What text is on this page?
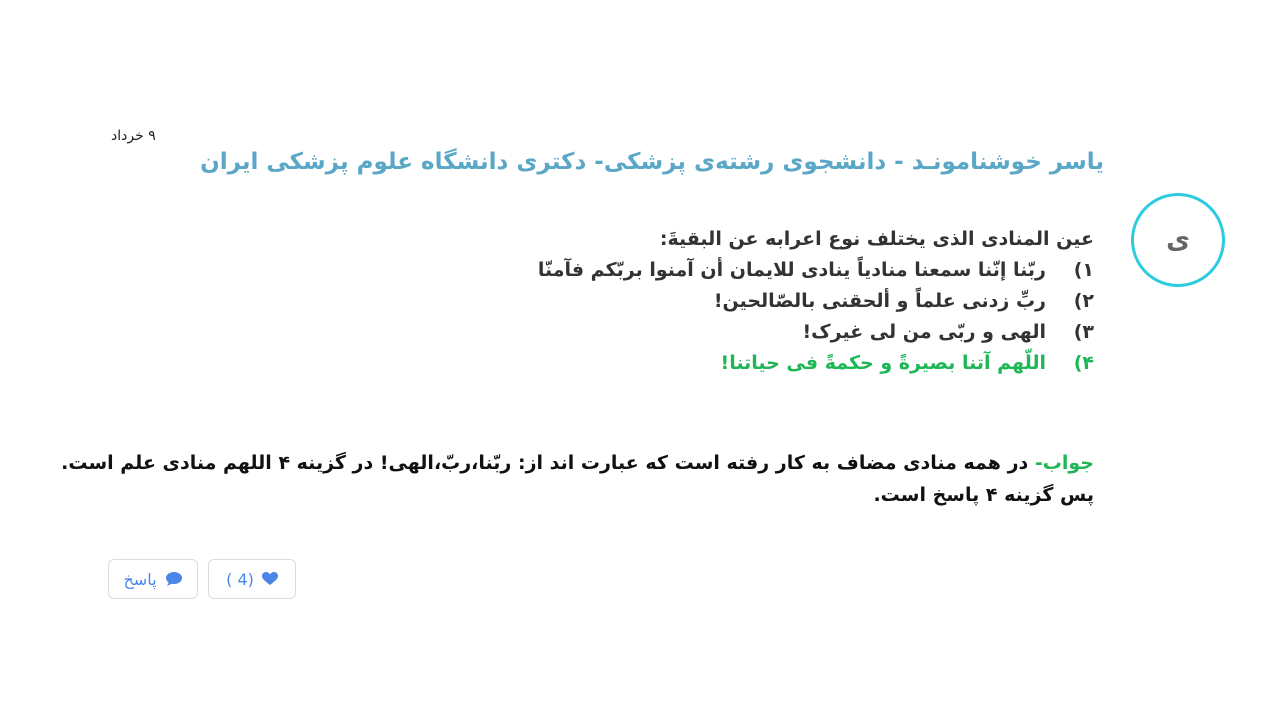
۹ خرداد
یاسر خوشنامونـد - دانشجوی رشته‌ی پزشکی- دکتری دانشگاه علوم پزشکی ایران
ی
عین المنادی الذی یختلف نوع اعرابه عن البقیةَ:
۱)ربّنا إنّنا سمعنا منادیاً ینادی للایمان أن آمنوا بربّکم فآمنّا
۲)ربِّ زدنی علماً و ألحقنی بالصّالحین!
۳)الهی و ربّی من لی غیرک!
۴)اللّهم آتنا بصیرةً و حکمةً فی حیاتنا!
جواب- در همه منادی مضاف به کار رفته است که عبارت اند از: ربّنا،ربّ،الهی! در گزینه ۴ اللهم منادی علم است.
پس گزینه ۴ پاسخ است.
پاسخ	( 4)
